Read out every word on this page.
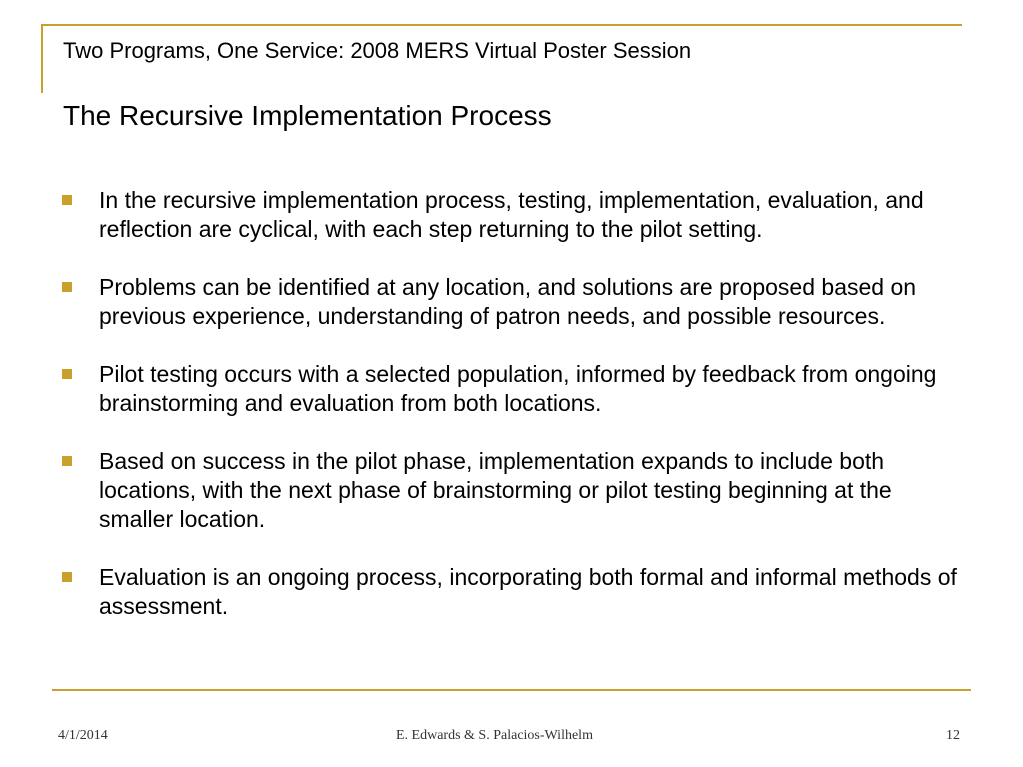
Two Programs, One Service: 2008 MERS Virtual Poster Session
The Recursive Implementation Process
In the recursive implementation process, testing, implementation, evaluation, and reflection are cyclical, with each step returning to the pilot setting.
Problems can be identified at any location, and solutions are proposed based on previous experience, understanding of patron needs, and possible resources.
Pilot testing occurs with a selected population, informed by feedback from ongoing brainstorming and evaluation from both locations.
Based on success in the pilot phase, implementation expands to include both locations, with the next phase of brainstorming or pilot testing beginning at the smaller location.
Evaluation is an ongoing process, incorporating both formal and informal methods of assessment.
4/1/2014	E. Edwards & S. Palacios-Wilhelm	12
